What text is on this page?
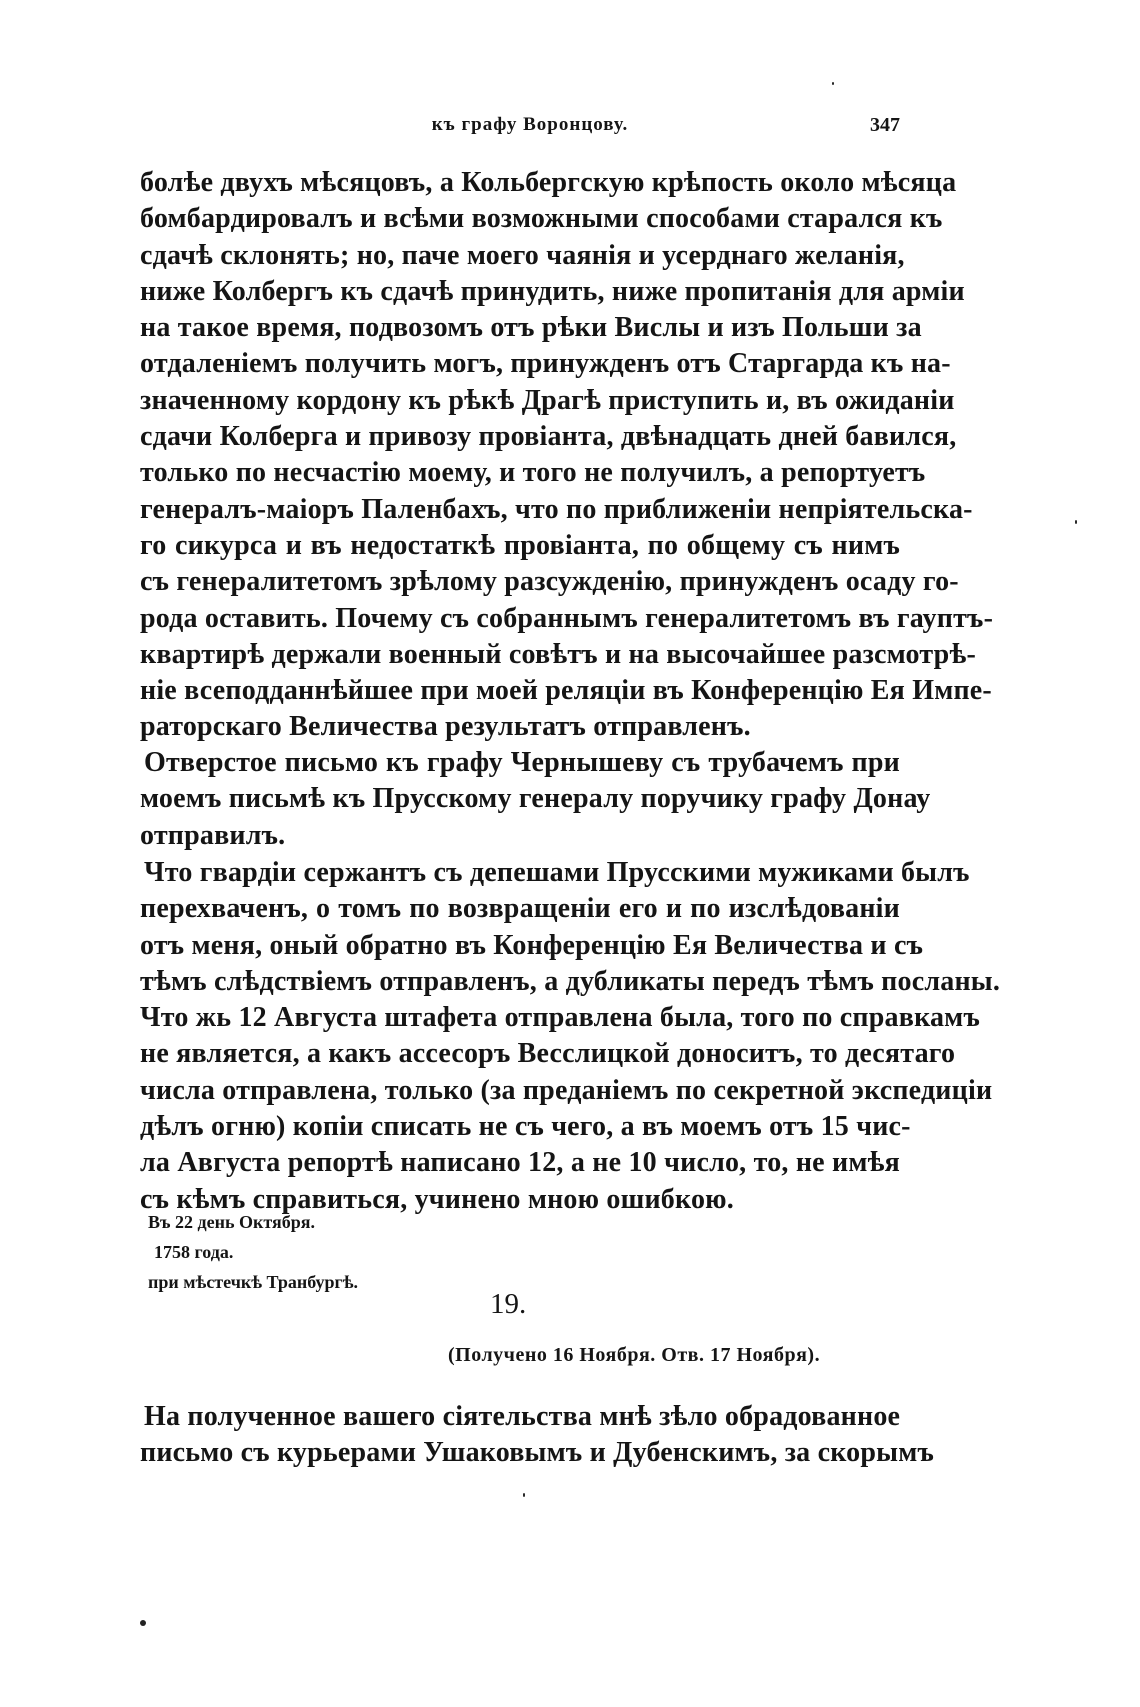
къ графу Воронцову.	347
болѣе двухъ мѣсяцовъ, а Кольбергскую крѣпость около мѣсяца
бомбардировалъ и всѣми возможными способами старался къ
сдачѣ склонять; но, паче моего чаянія и усерднаго желанія,
ниже Колбергъ къ сдачѣ принудить, ниже пропитанія для арміи
на такое время, подвозомъ отъ рѣки Вислы и изъ Польши за
отдаленіемъ получить могъ, принужденъ отъ Старгарда къ на-
значенному кордону къ рѣкѣ Драгѣ приступить и, въ ожиданіи
сдачи Колберга и привозу провіанта, двѣнадцать дней бавился,
только по несчастію моему, и того не получилъ, а репортуетъ
генералъ-маіоръ Паленбахъ, что по приближеніи непріятельска-
го сикурса и въ недостаткѣ провіанта, по общему съ нимъ
съ генералитетомъ зрѣлому разсужденію, принужденъ осаду го-
рода оставить. Почему съ собраннымъ генералитетомъ въ гауптъ-
квартирѣ держали военный совѣтъ и на высочайшее разсмотрѣ-
ніе всеподданнѣйшее при моей реляціи въ Конференцію Ея Импе-
раторскаго Величества результатъ отправленъ.
Отверстое письмо къ графу Чернышеву съ трубачемъ при
моемъ письмѣ къ Прусскому генералу поручику графу Донау
отправилъ.
Что гвардіи сержантъ съ депешами Прусскими мужиками былъ
перехваченъ, о томъ по возвращеніи его и по изслѣдованіи
отъ меня, оный обратно въ Конференцію Ея Величества и съ
тѣмъ слѣдствіемъ отправленъ, а дубликаты передъ тѣмъ посланы.
Что жь 12 Августа штафета отправлена была, того по справкамъ
не является, а какъ ассесоръ Весслицкой доноситъ, то десятаго
числа отправлена, только (за преданіемъ по секретной экспедиціи
дѣлъ огню) копіи списать не съ чего, а въ моемъ отъ 15 чис-
ла Августа репортѣ написано 12, а не 10 число, то, не имѣя
съ кѣмъ справиться, учинено мною ошибкою.
Въ 22 день Октября.
1758 года.
при мѣстечкѣ Транбургѣ.
19.
(Получено 16 Ноября. Отв. 17 Ноября).
На полученное вашего сіятельства мнѣ зѣло обрадованное
письмо съ курьерами Ушаковымъ и Дубенскимъ, за скорымъ
